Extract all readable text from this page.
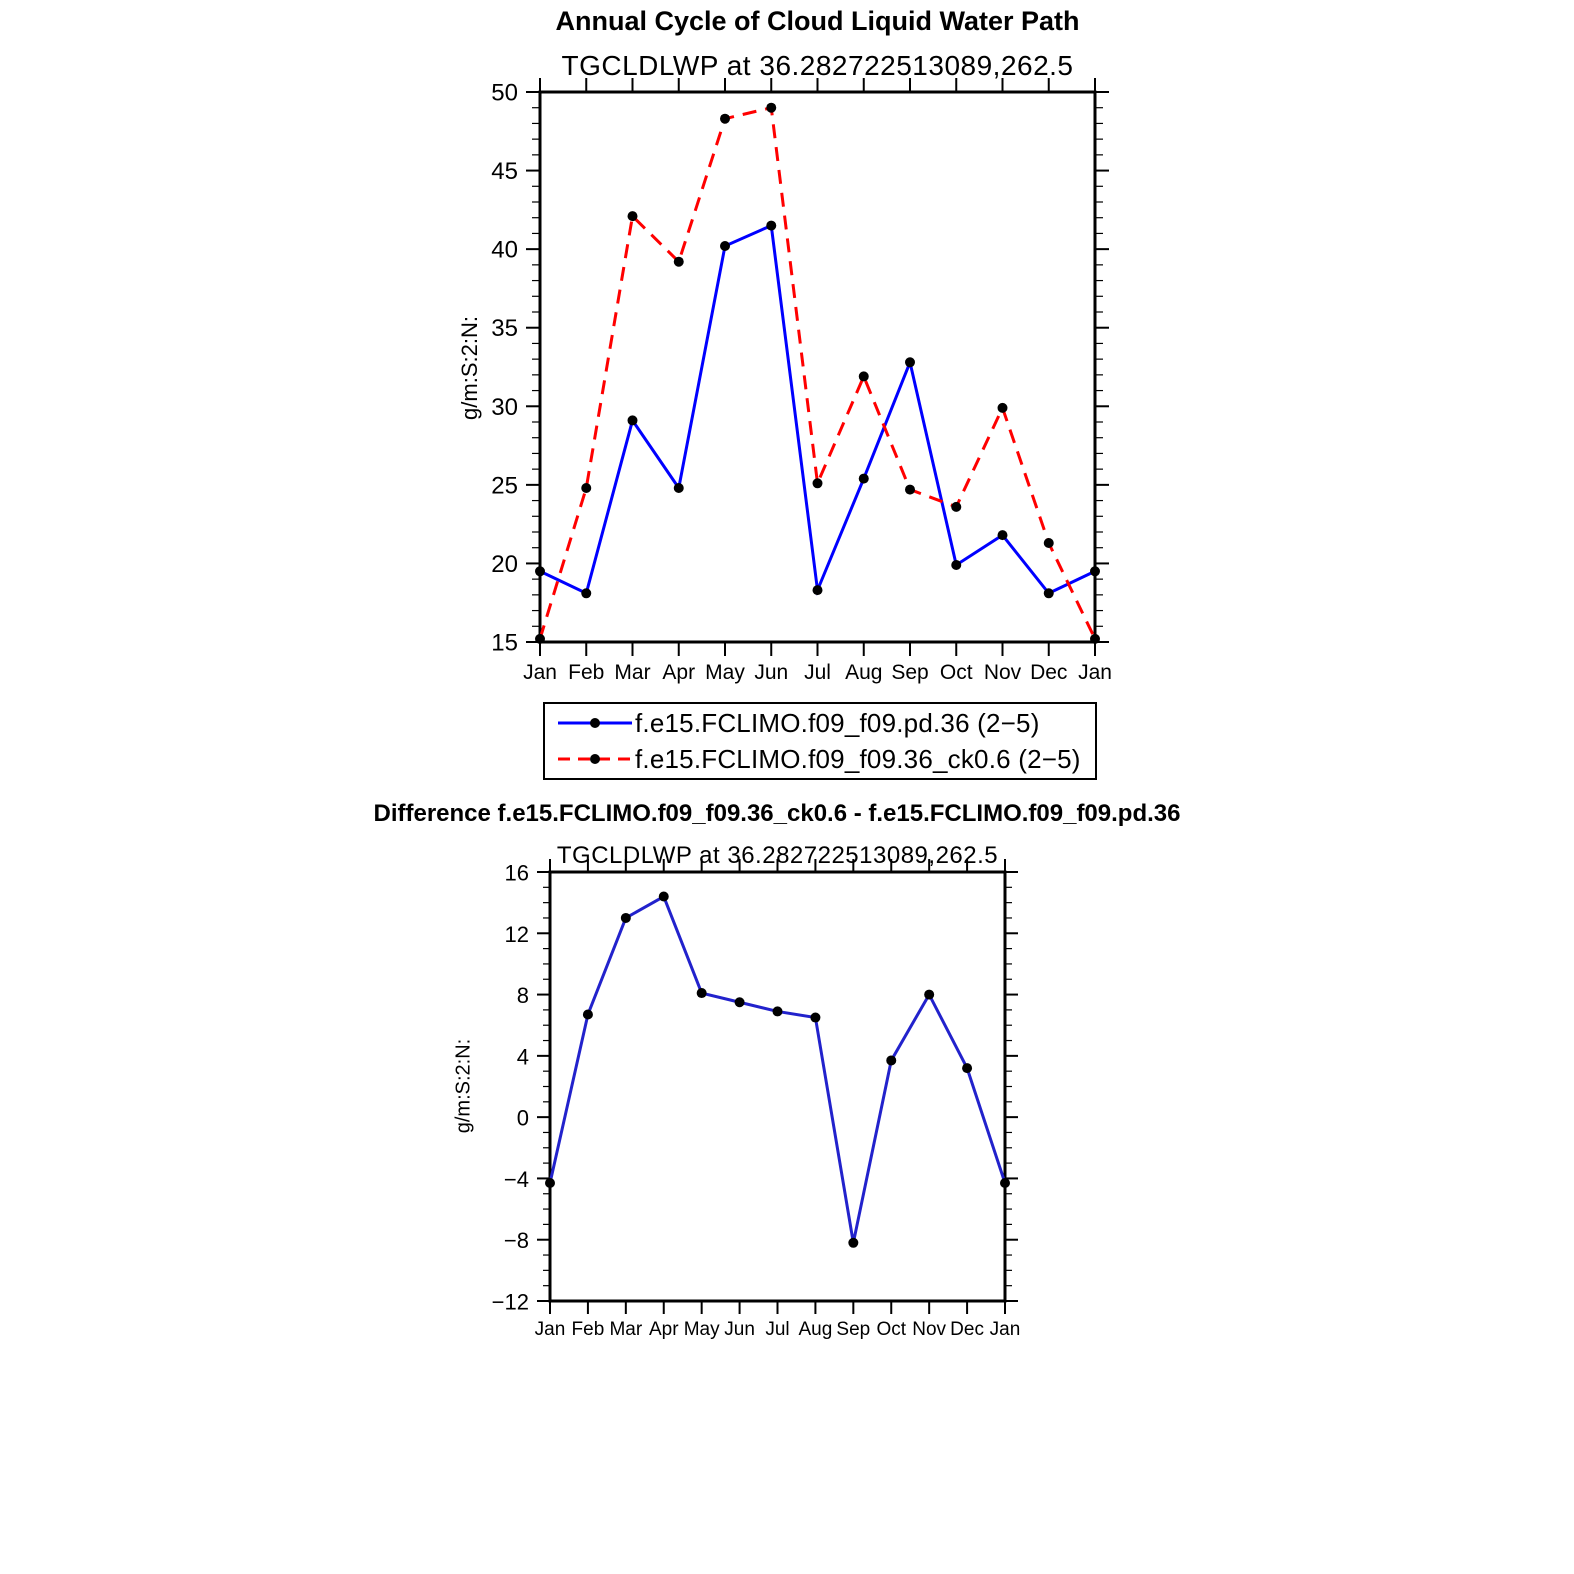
15
20
25
30
35
40
45
50
Jan Feb Mar Apr May Jun Jul Aug Sep Oct Nov Dec Jan
−12
−8
−4
0
4
8
12
16
Jan Feb Mar Apr May Jun Jul Aug Sep Oct Nov Dec Jan
Annual Cycle of Cloud Liquid Water Path
TGCLDLWP at 36.282722513089,262.5
g/m:S:2:N:
f.e15.FCLIMO.f09_f09.pd.36 (2−5)
f.e15.FCLIMO.f09_f09.36_ck0.6 (2−5)
Difference f.e15.FCLIMO.f09_f09.36_ck0.6 - f.e15.FCLIMO.f09_f09.pd.36
TGCLDLWP at 36.282722513089,262.5
g/m:S:2:N:
